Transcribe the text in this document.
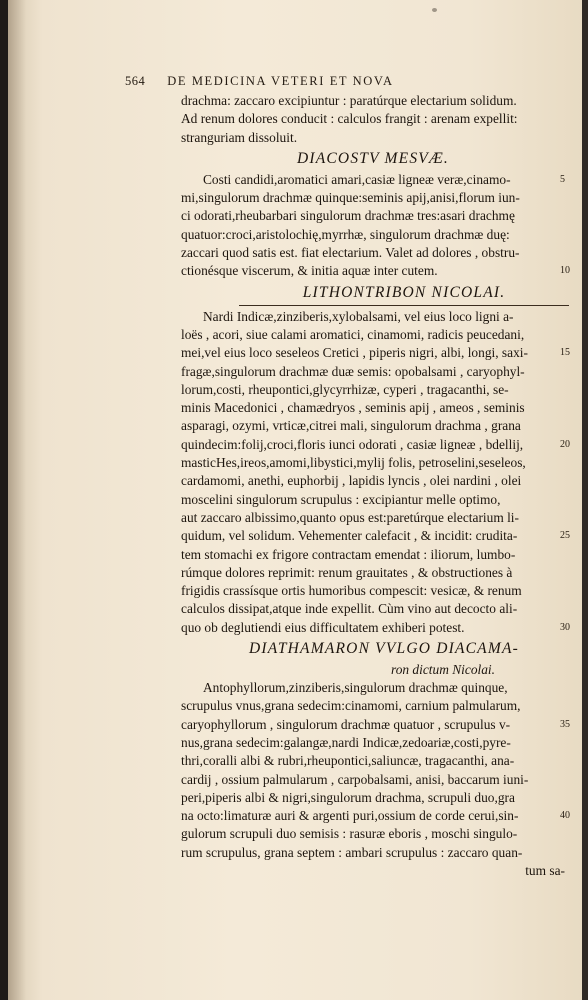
564 DE MEDICINA VETERI ET NOVA
drachma: zaccaro excipiuntur : paratúrque electarium solidum.
Ad renum dolores conducit : calculos frangit : arenam expellit:
stranguriam dissoluit.
DIACOSTV MESVÆ.
Costi candidi,aromatici amari,casiæ ligneæ veræ,cinamo-
mi,singulorum drachmæ quinque:seminis apij,anisi,florum iun-
ci odorati,rheubarbari singulorum drachmæ tres:asari drachmę
quatuor:croci,aristolochię,myrrhæ, singulorum drachmæ duę:
zaccari quod satis est. fiat electarium. Valet ad dolores , obstru-
ctionésque viscerum, & initia aquæ inter cutem.
LITHONTRIBON NICOLAI.
Nardi Indicæ,zinziberis,xylobalsami, vel eius loco ligni a-
loës , acori, siue calami aromatici, cinamomi, radicis peucedani,
mei,vel eius loco seseleos Cretici , piperis nigri, albi, longi, saxi-
fragæ,singulorum drachmæ duæ semis: opobalsami , caryophyl-
lorum,costi, rheupontici,glycyrrhizæ, cyperi , tragacanthi, se-
minis Macedonici , chamædryos , seminis apij , ameos , seminis
asparagi, ozymi, vrticæ,citrei mali, singulorum drachma , grana
quindecim:folij,croci,floris iunci odorati , casiæ ligneæ , bdellij,
masticHes,ireos,amomi,libystici,mylij folis, petroselini,seseleos,
cardamomi, anethi, euphorbij , lapidis lyncis , olei nardini , olei
moscelini singulorum scrupulus : excipiantur melle optimo,
aut zaccaro albissimo,quanto opus est:paretúrque electarium li-
quidum, vel solidum. Vehementer calefacit , & incidit: crudita-
tem stomachi ex frigore contractam emendat : iliorum, lumbo-
rúmque dolores reprimit: renum grauitates , & obstructiones à
frigidis crassísque ortis humoribus compescit: vesicæ, & renum
calculos dissipat,atque inde expellit. Cùm vino aut decocto ali-
quo ob deglutiendi eius difficultatem exhiberi potest.
DIATHAMARON VVLGO DIACAMA-
ron dictum Nicolai.
Antophyllorum,zinziberis,singulorum drachmæ quinque,
scrupulus vnus,grana sedecim:cinamomi, carnium palmularum,
caryophyllorum , singulorum drachmæ quatuor , scrupulus v-
nus,grana sedecim:galangæ,nardi Indicæ,zedoariæ,costi,pyre-
thri,coralli albi & rubri,rheupontici,saliuncæ, tragacanthi, ana-
cardij , ossium palmularum , carpobalsami, anisi, baccarum iuni-
peri,piperis albi & nigri,singulorum drachma, scrupuli duo,gra
na octo:limaturæ auri & argenti puri,ossium de corde cerui,sin-
gulorum scrupuli duo semisis : rasuræ eboris , moschi singulo-
rum scrupulus, grana septem : ambari scrupulus : zaccaro quan-
tum sa-
5
10
15
20
25
30
35
40
